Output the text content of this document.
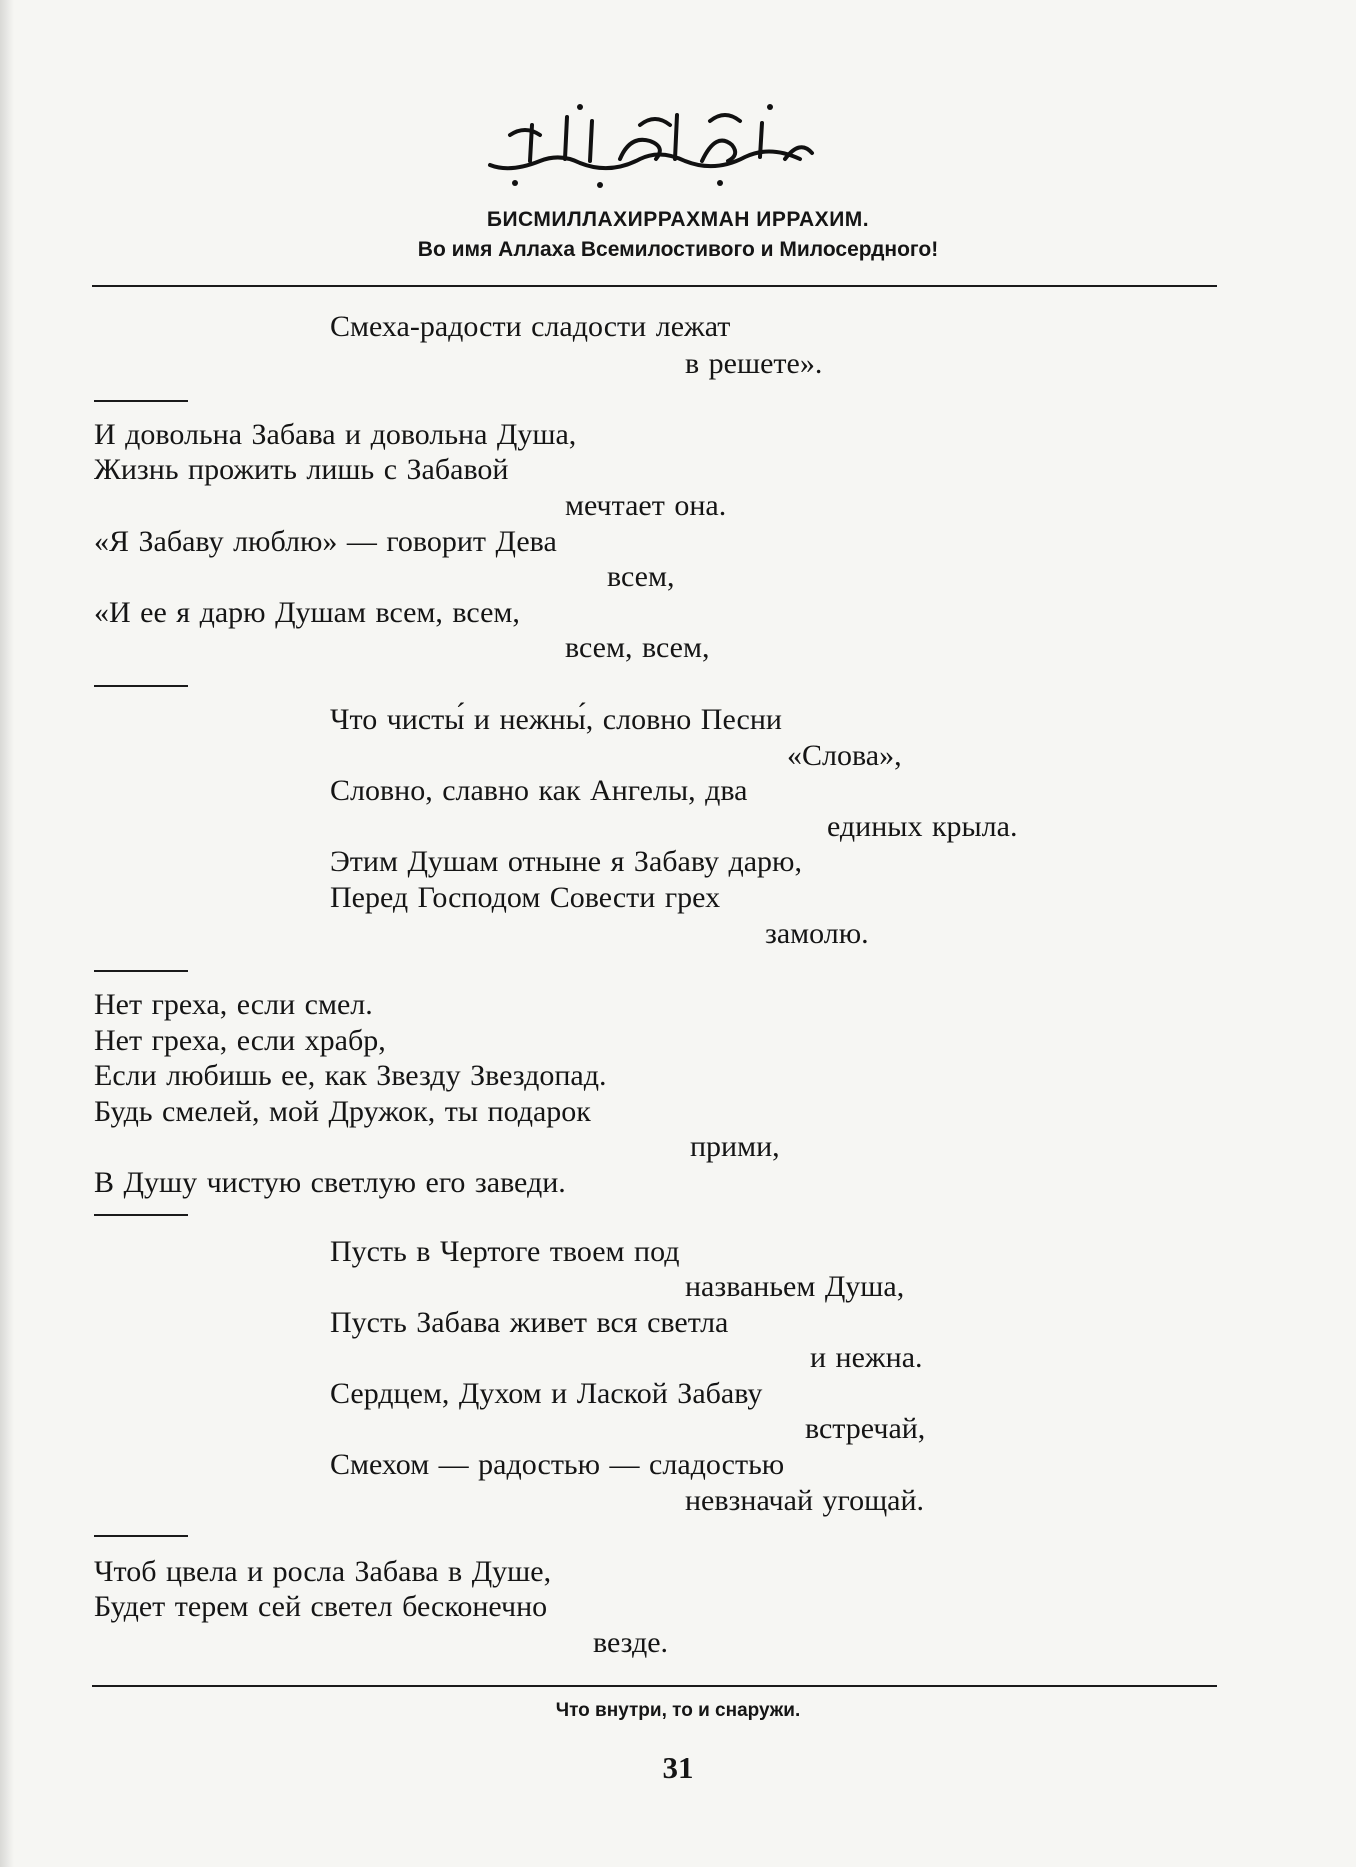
БИСМИЛЛАХИРРАХМАН ИРРАХИМ.
Во имя Аллаха Всемилостивого и Милосердного!
Смеха-радости сладости лежат
в решете».
И довольна Забава и довольна Душа,
Жизнь прожить лишь с Забавой
мечтает она.
«Я Забаву люблю» — говорит Дева
всем,
«И ее я дарю Душам всем, всем,
всем, всем,
Что чисты́ и нежны́, словно Песни
«Слова»,
Словно, славно как Ангелы, два
единых крыла.
Этим Душам отныне я Забаву дарю,
Перед Господом Совести грех
замолю.
Нет греха, если смел.
Нет греха, если храбр,
Если любишь ее, как Звезду Звездопад.
Будь смелей, мой Дружок, ты подарок
прими,
В Душу чистую светлую его заведи.
Пусть в Чертоге твоем под
названьем Душа,
Пусть Забава живет вся светла
и нежна.
Сердцем, Духом и Лаской Забаву
встречай,
Смехом — радостью — сладостью
невзначай угощай.
Чтоб цвела и росла Забава в Душе,
Будет терем сей светел бесконечно
везде.
Что внутри, то и снаружи.
31
